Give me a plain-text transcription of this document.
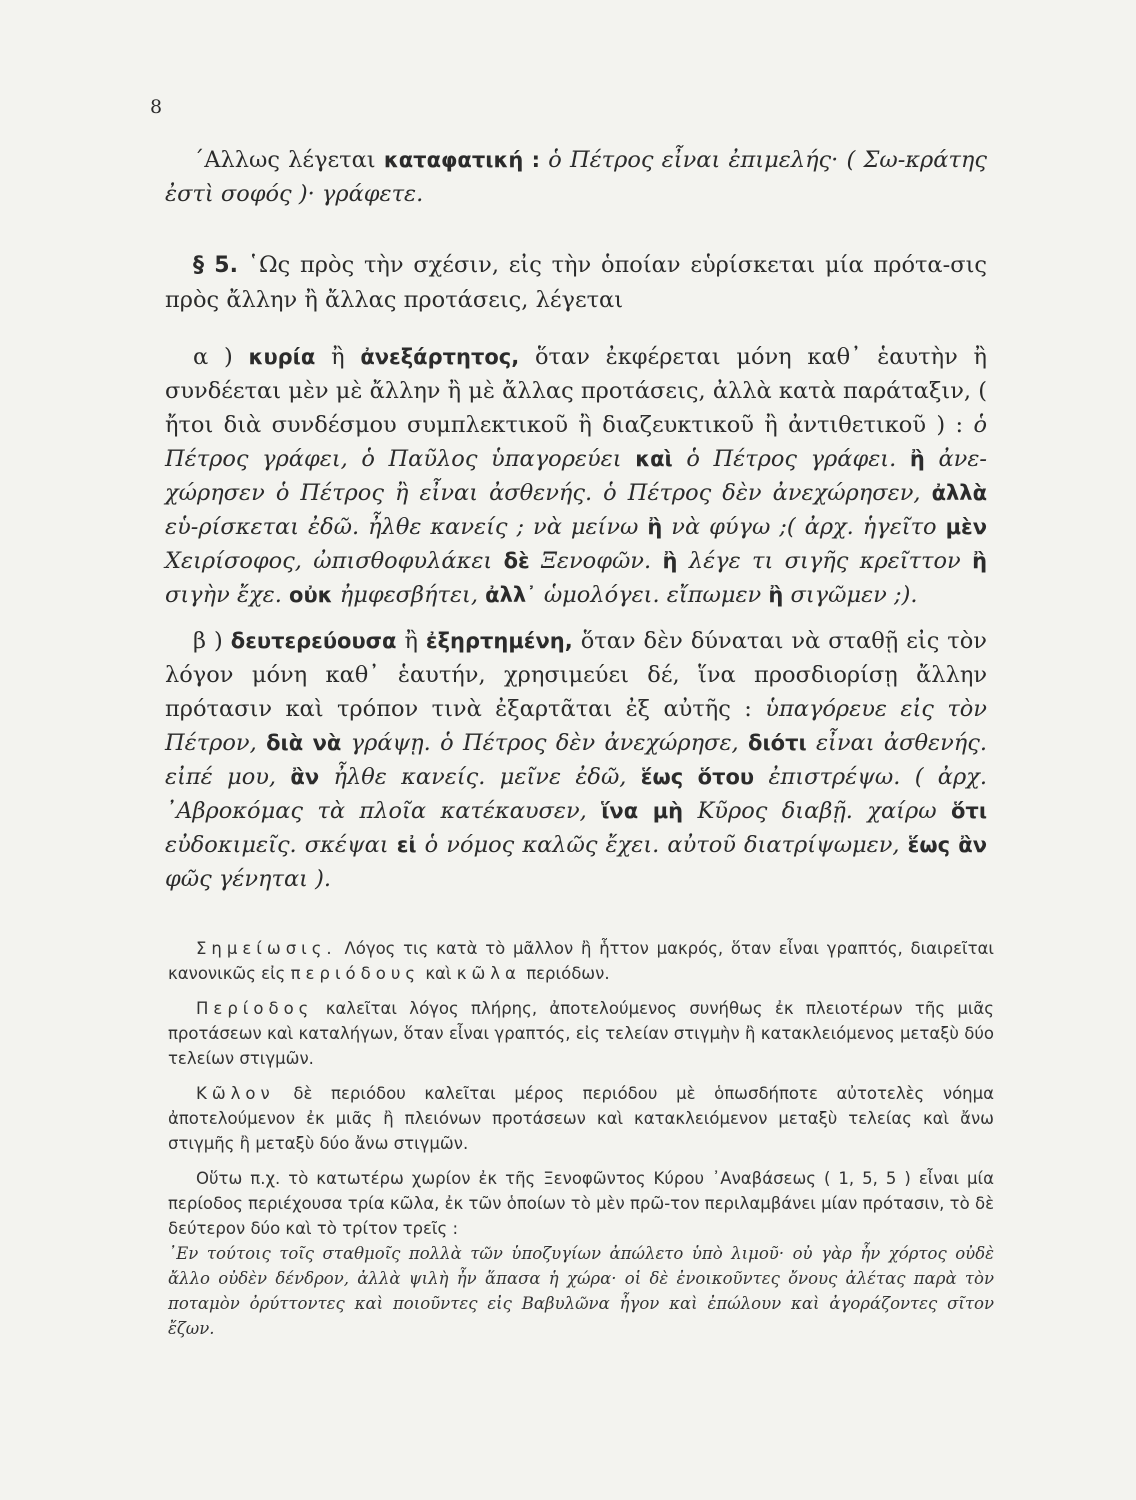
8

΄Αλλως λέγεται καταφατική : ὁ Πέτρος εἶναι ἐπιμελής· ( Σω-κράτης ἐστὶ σοφός )· γράφετε.

§ 5. ῾Ως πρὸς τὴν σχέσιν, εἰς τὴν ὁποίαν εὑρίσκεται μία πρότα-σις πρὸς ἄλλην ἢ ἄλλας προτάσεις, λέγεται

α ) κυρία ἢ ἀνεξάρτητος, ὅταν ἐκφέρεται μόνη καθ᾽ ἑαυτὴν ἢ συνδέεται μὲν μὲ ἄλλην ἢ μὲ ἄλλας προτάσεις, ἀλλὰ κατὰ παράταξιν, ( ἤτοι διὰ συνδέσμου συμπλεκτικοῦ ἢ διαζευκτικοῦ ἢ ἀντιθετικοῦ ) : ὁ Πέτρος γράφει, ὁ Παῦλος ὑπαγορεύει καὶ ὁ Πέτρος γράφει. ἢ ἀνε-χώρησεν ὁ Πέτρος ἢ εἶναι ἀσθενής. ὁ Πέτρος δὲν ἀνεχώρησεν, ἀλλὰ εὑ-ρίσκεται ἐδῶ. ἦλθε κανείς ; νὰ μείνω ἢ νὰ φύγω ;( ἀρχ. ἡγεῖτο μὲν Χειρίσοφος, ὠπισθοφυλάκει δὲ Ξενοφῶν. ἢ λέγε τι σιγῆς κρεῖττον ἢ σιγὴν ἔχε. οὐκ ἠμφεσβήτει, ἀλλ᾽ ὡμολόγει. εἴπωμεν ἢ σιγῶμεν ;).

β ) δευτερεύουσα ἢ ἐξηρτημένη, ὅταν δὲν δύναται νὰ σταθῇ εἰς τὸν λόγον μόνη καθ᾽ ἑαυτήν, χρησιμεύει δέ, ἵνα προσδιορίσῃ ἄλλην πρότασιν καὶ τρόπον τινὰ ἐξαρτᾶται ἐξ αὐτῆς : ὑπαγόρευε εἰς τὸν Πέτρον, διὰ νὰ γράψῃ. ὁ Πέτρος δὲν ἀνεχώρησε, διότι εἶναι ἀσθενής. εἰπέ μου, ἂν ἦλθε κανείς. μεῖνε ἐδῶ, ἕως ὅτου ἐπιστρέψω. ( ἀρχ. ᾽Αβροκόμας τὰ πλοῖα κατέκαυσεν, ἵνα μὴ Κῦρος διαβῇ. χαίρω ὅτι εὐδοκιμεῖς. σκέψαι εἰ ὁ νόμος καλῶς ἔχει. αὐτοῦ διατρίψωμεν, ἕως ἂν φῶς γένηται ).

Σημείωσις. Λόγος τις κατὰ τὸ μᾶλλον ἢ ἧττον μακρός, ὅταν εἶναι γραπτός, διαιρεῖται κανονικῶς εἰς περιόδους καὶ κῶλα περιόδων.

Περίοδος καλεῖται λόγος πλήρης, ἀποτελούμενος συνήθως ἐκ πλειοτέρων τῆς μιᾶς προτάσεων καὶ καταλήγων, ὅταν εἶναι γραπτός, εἰς τελείαν στιγμὴν ἢ κατακλειόμενος μεταξὺ δύο τελείων στιγμῶν.

Κῶλον δὲ περιόδου καλεῖται μέρος περιόδου μὲ ὁπωσδήποτε αὐτοτελὲς νόημα ἀποτελούμενον ἐκ μιᾶς ἢ πλειόνων προτάσεων καὶ κατακλειόμενον μεταξὺ τελείας καὶ ἄνω στιγμῆς ἢ μεταξὺ δύο ἄνω στιγμῶν.

Οὕτω π.χ. τὸ κατωτέρω χωρίον ἐκ τῆς Ξενοφῶντος Κύρου ᾽Αναβάσεως ( 1, 5, 5 ) εἶναι μία περίοδος περιέχουσα τρία κῶλα, ἐκ τῶν ὁποίων τὸ μὲν πρῶ-τον περιλαμβάνει μίαν πρότασιν, τὸ δὲ δεύτερον δύο καὶ τὸ τρίτον τρεῖς :

᾽Εν τούτοις τοῖς σταθμοῖς πολλὰ τῶν ὑποζυγίων ἀπώλετο ὑπὸ λιμοῦ· οὐ γὰρ ἦν χόρτος οὐδὲ ἄλλο οὐδὲν δένδρον, ἀλλὰ ψιλὴ ἦν ἅπασα ἡ χώρα· οἱ δὲ ἐνοικοῦντες ὄνους ἀλέτας παρὰ τὸν ποταμὸν ὀρύττοντες καὶ ποιοῦντες εἰς Βαβυλῶνα ἦγον καὶ ἐπώλουν καὶ ἀγοράζοντες σῖτον ἔζων.
